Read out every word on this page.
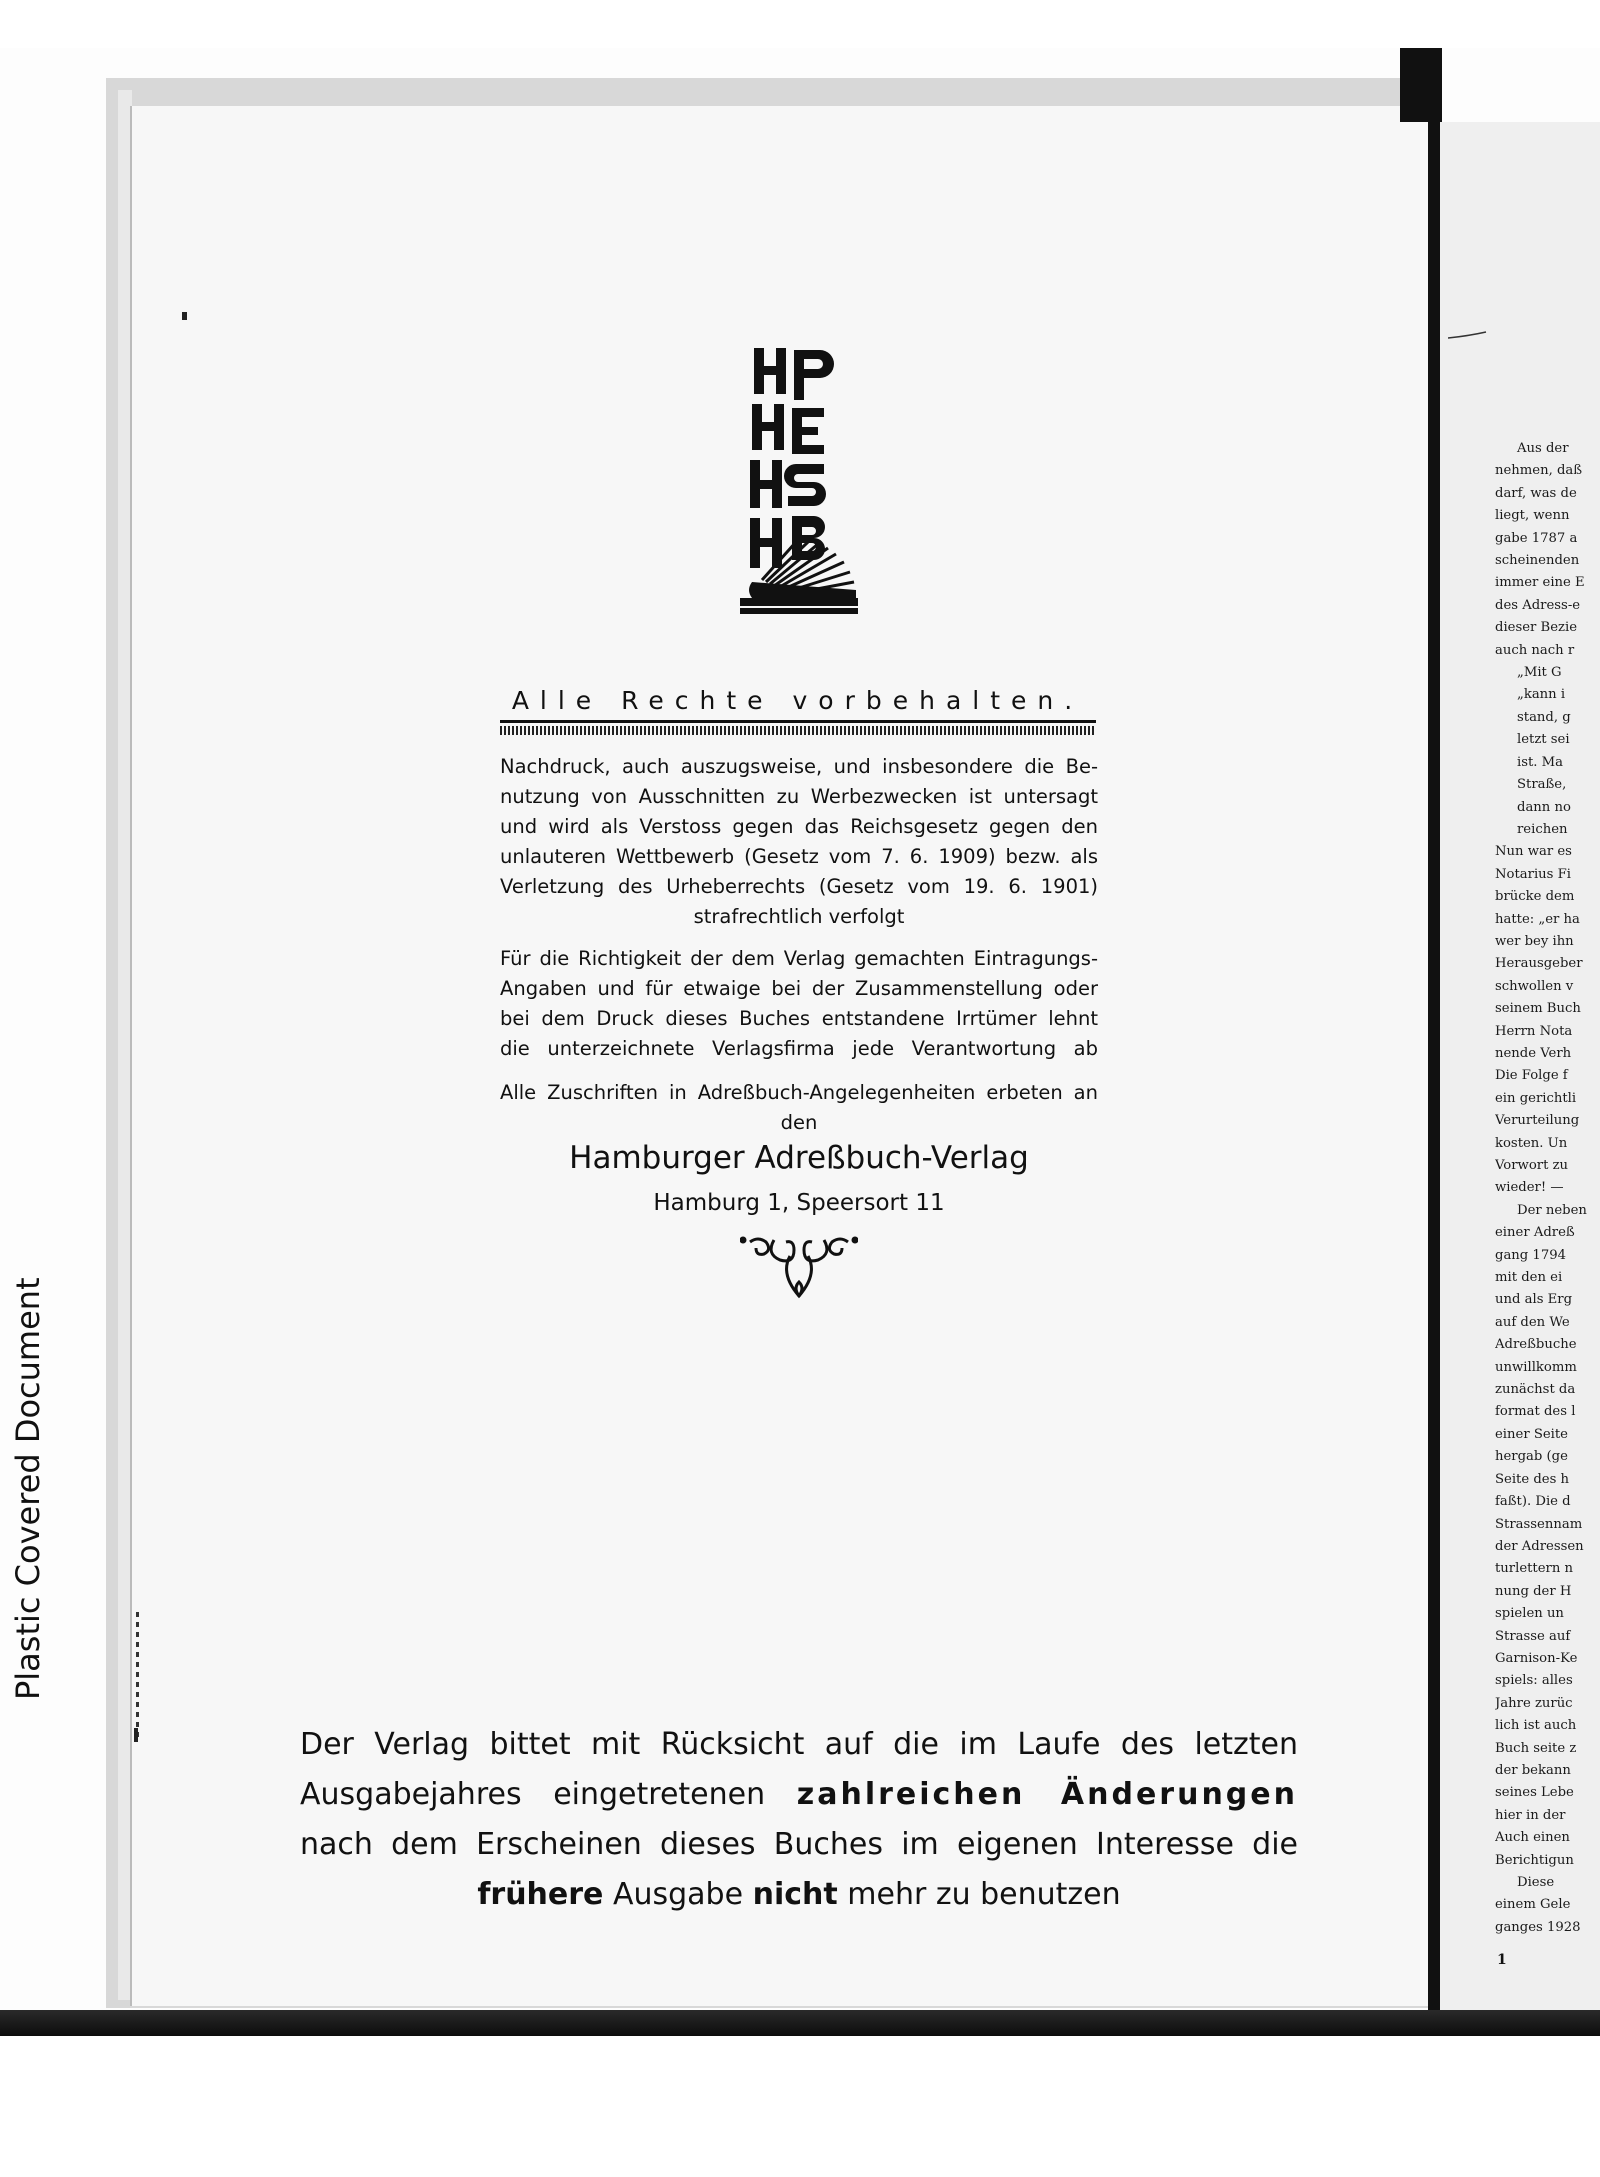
Plastic Covered Document
Alle Rechte vorbehalten.
Nachdruck, auch auszugsweise, und insbesondere die Be-
nutzung von Ausschnitten zu Werbezwecken ist untersagt
und wird als Verstoss gegen das Reichsgesetz gegen den
unlauteren Wettbewerb (Gesetz vom 7. 6. 1909) bezw. als
Verletzung des Urheberrechts (Gesetz vom 19. 6. 1901)
strafrechtlich verfolgt
Für die Richtigkeit der dem Verlag gemachten Eintragungs-
Angaben und für etwaige bei der Zusammenstellung oder
bei dem Druck dieses Buches entstandene Irrtümer lehnt
die unterzeichnete Verlagsfirma jede Verantwortung ab
Alle Zuschriften in Adreßbuch-Angelegenheiten erbeten an
den
Hamburger Adreßbuch-Verlag
Hamburg 1, Speersort 11
Der Verlag bittet mit Rücksicht auf die im Laufe des letzten
Ausgabejahres eingetretenen zahlreichen Änderungen
nach dem Erscheinen dieses Buches im eigenen Interesse die
frühere Ausgabe nicht mehr zu benutzen
Aus der
nehmen, daß
darf, was de
liegt, wenn
gabe 1787 a
scheinenden
immer eine E
des Adress-e
dieser Bezie
auch nach r
„Mit G
„kann i
stand, g
letzt sei
ist. Ma
Straße,
dann no
reichen
Nun war es
Notarius Fi
brücke dem
hatte: „er ha
wer bey ihn
Herausgeber
schwollen v
seinem Buch
Herrn Nota
nende Verh
Die Folge f
ein gerichtli
Verurteilung
kosten. Un
Vorwort zu
wieder! —
Der neben
einer Adreß
gang 1794
mit den ei
und als Erg
auf den We
Adreßbuche
unwillkomm
zunächst da
format des l
einer Seite
hergab (ge
Seite des h
faßt). Die d
Strassennam
der Adressen
turlettern n
nung der H
spielen un
Strasse auf
Garnison-Ke
spiels: alles
Jahre zurüc
lich ist auch
Buch seite z
der bekann
seines Lebe
hier in der
Auch einen
Berichtigun
Diese
einem Gele
ganges 1928
1
